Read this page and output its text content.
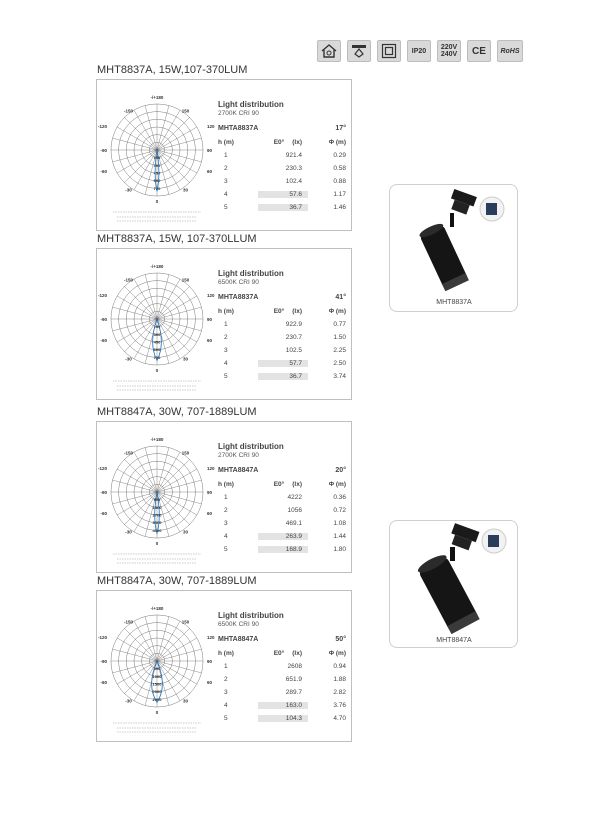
IP20	220V
240V	CE	RoHS
MHT8837A, 15W,107-370LUM
MHT8837A, 15W, 107-370LLUM
MHT8847A, 30W, 707-1889LUM
MHT8847A, 30W, 707-1889LUM
-/+180
-150	150
-120	120
-90	90
-60	60
-30	30
0
150
300
450
600
750
Light distribution
2700K CRI 90
MHTA8837A	17°
h (m)	E0° (lx)	Φ (m)
1	921.4	0.29
2	230.3	0.58
3	102.4	0.88
4	57.6	1.17
5	36.7	1.46
-/+180
-150	150
-120	120
-90	90
-60	60
-30	30
0
150
300
450
600
750
Light distribution
6500K CRI 90
MHTA8837A	41°
h (m)	E0° (lx)	Φ (m)
1	922.9	0.77
2	230.7	1.50
3	102.5	2.25
4	57.7	2.50
5	36.7	3.74
-/+180
-150	150
-120	120
-90	90
-60	60
-30	30
0
900
1800
2700
3600
4500
Light distribution
2700K CRI 90
MHTA8847A	20°
h (m)	E0° (lx)	Φ (m)
1	4222	0.36
2	1056	0.72
3	469.1	1.08
4	263.9	1.44
5	168.9	1.80
-/+180
-150	150
-120	120
-90	90
-60	60
-30	30
0
500
1000
1500
2000
2500
Light distribution
6500K CRI 90
MHTA8847A	50°
h (m)	E0° (lx)	Φ (m)
1	2608	0.94
2	651.9	1.88
3	289.7	2.82
4	163.0	3.76
5	104.3	4.70
MHT8837A
MHT8847A
